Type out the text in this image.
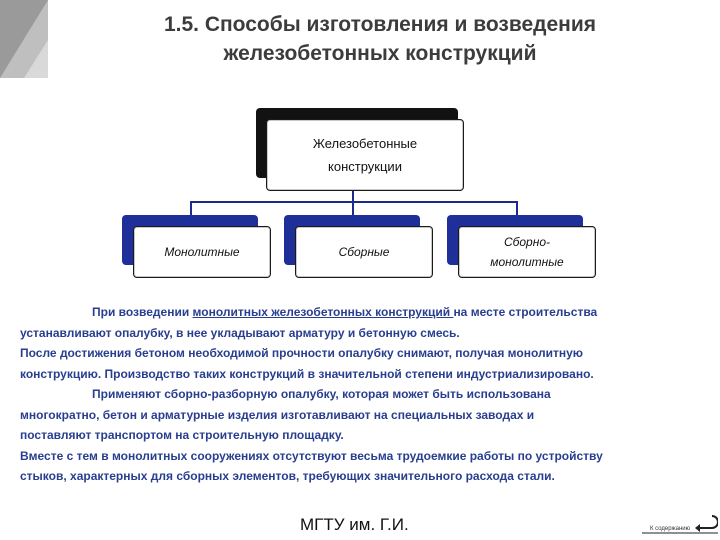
1.5. Способы изготовления и возведения
железобетонных конструкций
Железобетонные
конструкции
Монолитные	Сборные
Сборно-
монолитные
При возведении монолитных железобетонных конструкций на месте строительства
устанавливают опалубку, в нее укладывают арматуру и бетонную смесь.
После достижения бетоном необходимой прочности опалубку снимают, получая монолитную
конструкцию. Производство таких конструкций в значительной степени индустриализировано.
Применяют сборно-разборную опалубку, которая может быть использована
многократно, бетон и арматурные изделия изготавливают на специальных заводах и
поставляют транспортом на строительную площадку.
Вместе с тем в монолитных сооружениях отсутствуют весьма трудоемкие работы по устройству
стыков, характерных для сборных элементов, требующих значительного расхода стали.
МГТУ им. Г.И.	К содержанию
